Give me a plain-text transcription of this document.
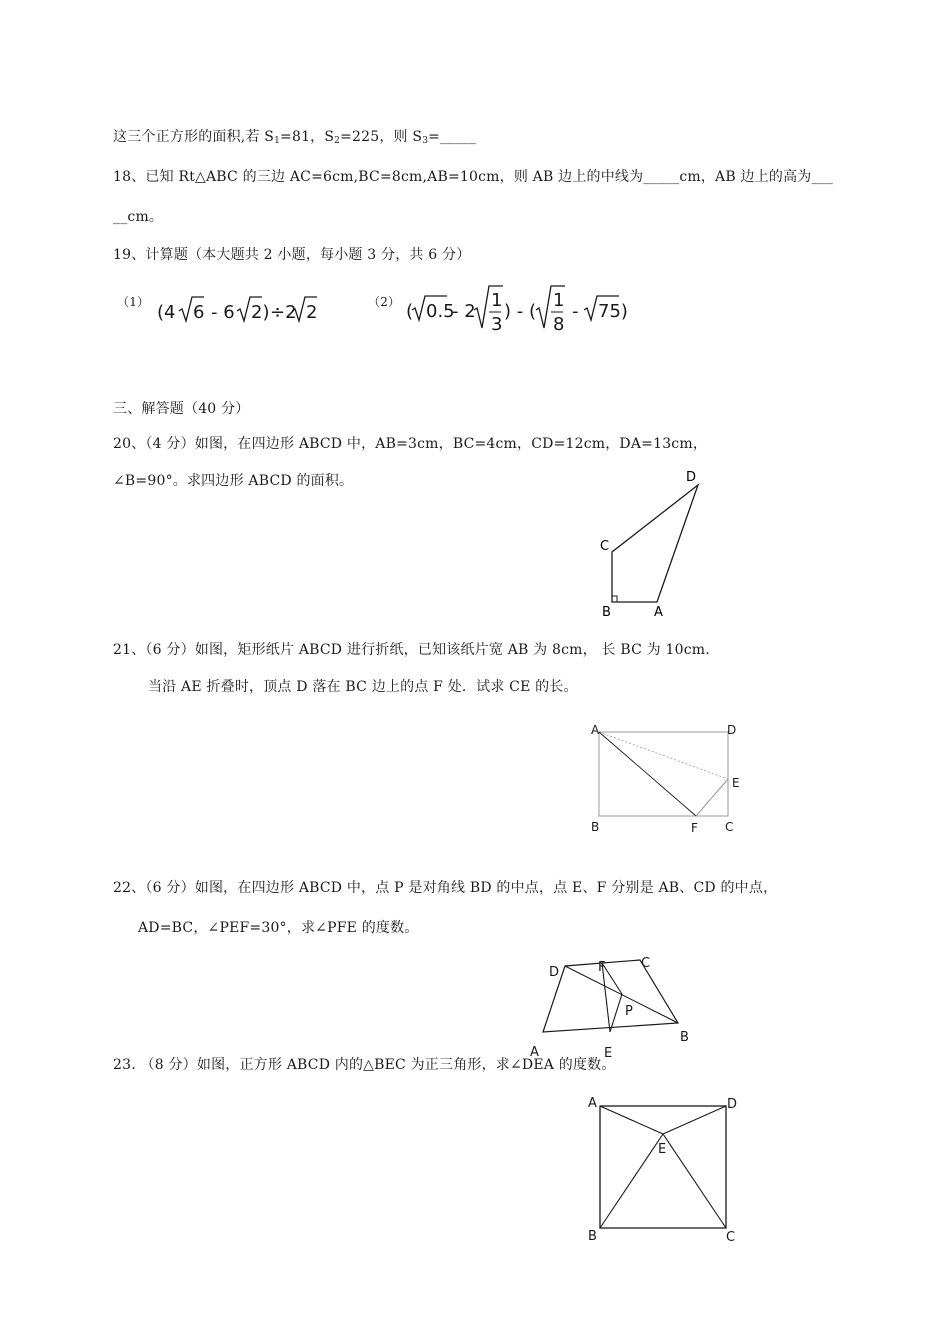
这三个正方形的面积,若 $S_1=81$，$S_2=225$，则 $S_3=\_\_\_\_\_$
18、已知 Rt△ABC 的三边 AC=6cm,BC=8cm,AB=10cm，则 AB 边上的中线为_____cm，AB 边上的高为___
__cm。
19、计算题（本大题共 2 小题，每小题 3 分，共 6 分）
（1） (4 6 - 6 2) ÷2 2	（2） ( 0.5
- 2
1
3
) - (
1
8
- 75)
三、解答题（40 分）
20、（4 分）如图，在四边形 ABCD 中，AB=3cm，BC=4cm，CD=12cm，DA=13cm，
∠B=90°。求四边形 ABCD 的面积。	D
C
B	A
21、（6 分）如图，矩形纸片 ABCD 进行折纸，已知该纸片宽 AB 为 8cm， 长 BC 为 10cm.
当沿 AE 折叠时，顶点 D 落在 BC 边上的点 F 处．试求 CE 的长。
A	D
E
B	F C
22、（6 分）如图，在四边形 ABCD 中，点 P 是对角线 BD 的中点，点 E、F 分别是 AB、CD 的中点，
AD=BC，∠PEF=30°，求∠PFE 的度数。
D	F	C
P
B
A	E
23. （8 分）如图，正方形 ABCD 内的△BEC 为正三角形，求∠DEA 的度数。
A	D
E
B	C
